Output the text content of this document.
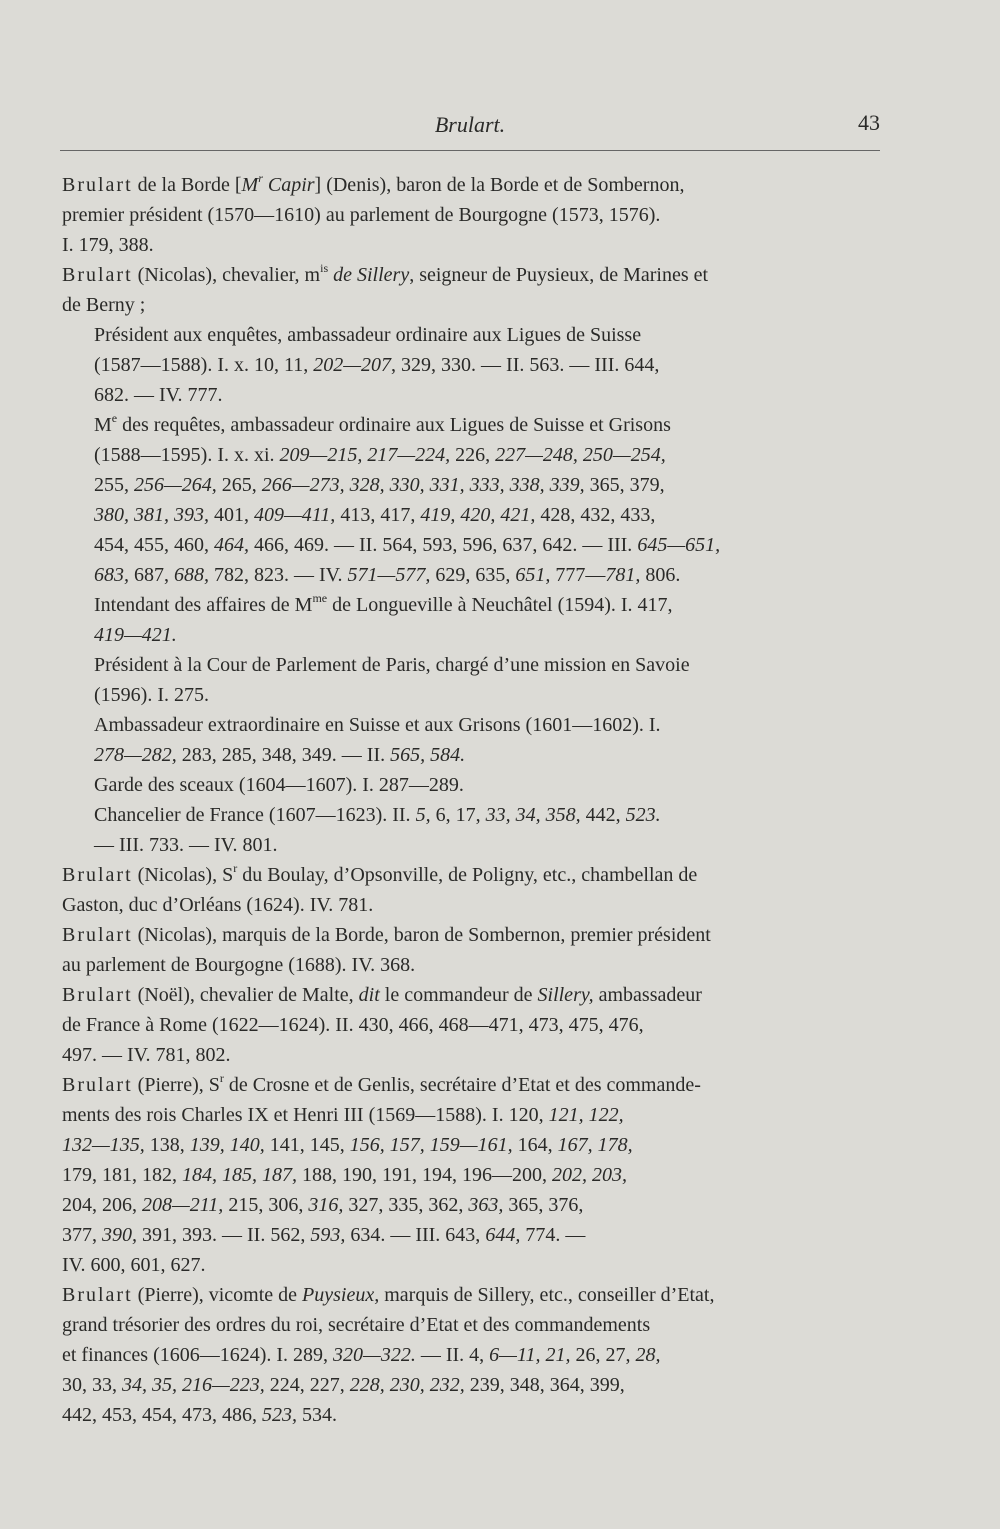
Brulart.	43

Brulart de la Borde [$M^r$ Capir] (Denis), baron de la Borde et de Sombernon,
premier président (1570—1610) au parlement de Bourgogne (1573, 1576).
I. 179, 388.

Brulart (Nicolas), chevalier, $m^{is}$ de Sillery, seigneur de Puysieux, de Marines et
de Berny ;

Président aux enquêtes, ambassadeur ordinaire aux Ligues de Suisse
(1587—1588). I. x. 10, 11, 202—207, 329, 330. — II. 563. — III. 644,
682. — IV. 777.

Me des requêtes, ambassadeur ordinaire aux Ligues de Suisse et Grisons
(1588—1595). I. x. xi. 209—215, 217—224, 226, 227—248, 250—254,
255, 256—264, 265, 266—273, 328, 330, 331, 333, 338, 339, 365, 379,
380, 381, 393, 401, 409—411, 413, 417, 419, 420, 421, 428, 432, 433,
454, 455, 460, 464, 466, 469. — II. 564, 593, 596, 637, 642. — III. 645—651,
683, 687, 688, 782, 823. — IV. 571—577, 629, 635, 651, 777—781, 806.

Intendant des affaires de $M^{me}$ de Longueville à Neuchâtel (1594). I. 417,
419—421.

Président à la Cour de Parlement de Paris, chargé d’une mission en Savoie
(1596). I. 275.

Ambassadeur extraordinaire en Suisse et aux Grisons (1601—1602). I.
278—282, 283, 285, 348, 349. — II. 565, 584.

Garde des sceaux (1604—1607). I. 287—289.

Chancelier de France (1607—1623). II. 5, 6, 17, 33, 34, 358, 442, 523.
— III. 733. — IV. 801.

Brulart (Nicolas), $S^r$ du Boulay, d’Opsonville, de Poligny, etc., chambellan de
Gaston, duc d’Orléans (1624). IV. 781.

Brulart (Nicolas), marquis de la Borde, baron de Sombernon, premier président
au parlement de Bourgogne (1688). IV. 368.

Brulart (Noël), chevalier de Malte, dit le commandeur de Sillery, ambassadeur
de France à Rome (1622—1624). II. 430, 466, 468—471, 473, 475, 476,
497. — IV. 781, 802.

Brulart (Pierre), $S^r$ de Crosne et de Genlis, secrétaire d’Etat et des commande-
ments des rois Charles IX et Henri III (1569—1588). I. 120, 121, 122,
132—135, 138, 139, 140, 141, 145, 156, 157, 159—161, 164, 167, 178,
179, 181, 182, 184, 185, 187, 188, 190, 191, 194, 196—200, 202, 203,
204, 206, 208—211, 215, 306, 316, 327, 335, 362, 363, 365, 376,
377, 390, 391, 393. — II. 562, 593, 634. — III. 643, 644, 774. —
IV. 600, 601, 627.

Brulart (Pierre), vicomte de Puysieux, marquis de Sillery, etc., conseiller d’Etat,
grand trésorier des ordres du roi, secrétaire d’Etat et des commandements
et finances (1606—1624). I. 289, 320—322. — II. 4, 6—11, 21, 26, 27, 28,
30, 33, 34, 35, 216—223, 224, 227, 228, 230, 232, 239, 348, 364, 399,
442, 453, 454, 473, 486, 523, 534.
